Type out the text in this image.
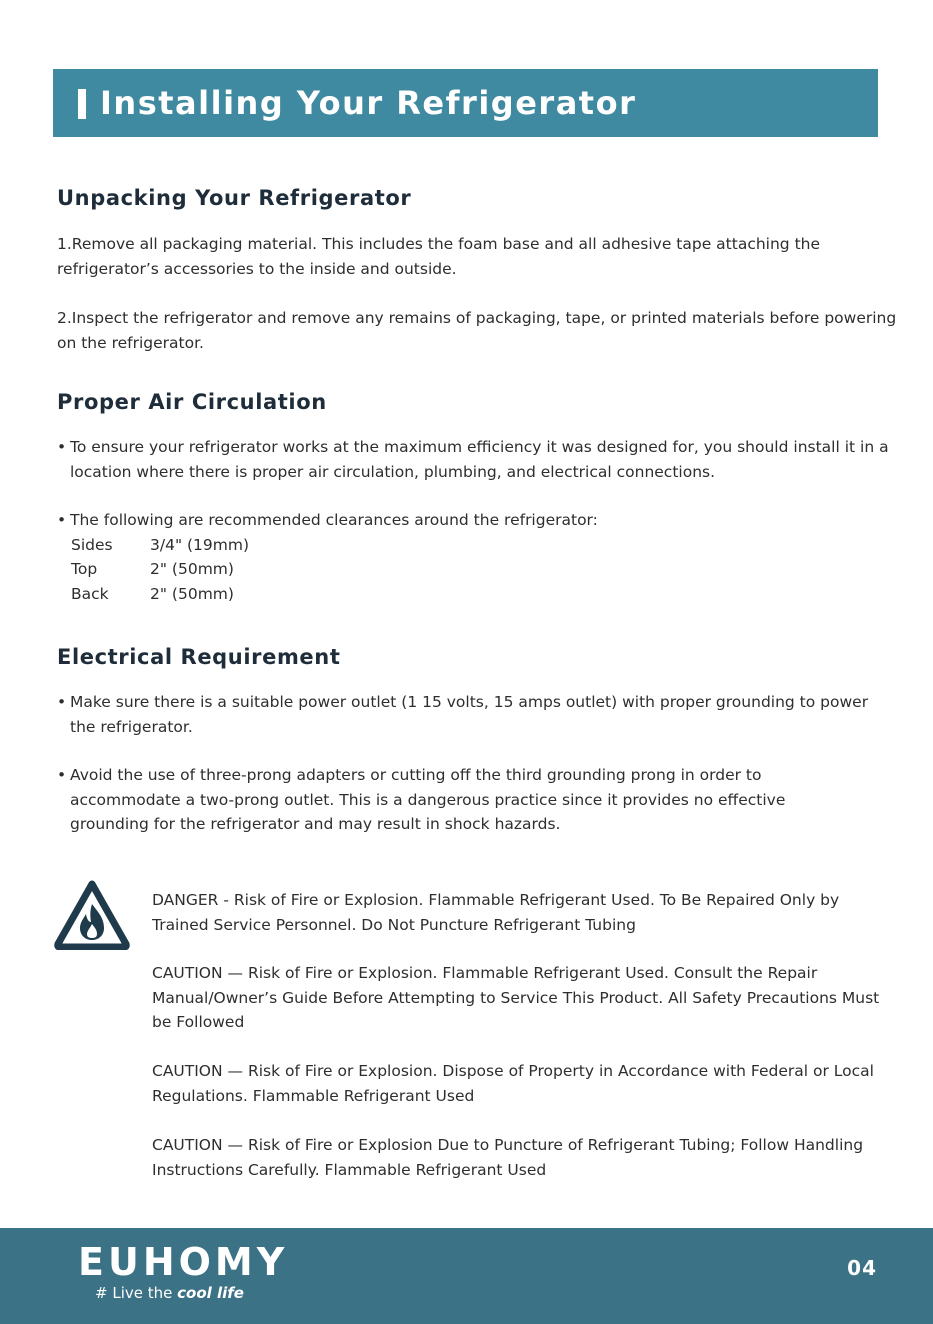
Installing Your Refrigerator
Unpacking Your Refrigerator
1.Remove all packaging material. This includes the foam base and all adhesive tape attaching the refrigerator’s accessories to the inside and outside.
2.Inspect the refrigerator and remove any remains of packaging, tape, or printed materials before powering on the refrigerator.
Proper Air Circulation
• To ensure your refrigerator works at the maximum efficiency it was designed for, you should install it in a location where there is proper air circulation, plumbing, and electrical connections.
• The following are recommended clearances around the refrigerator:
Sides 3/4" (19mm)
Top	2" (50mm)
Back	2" (50mm)
Electrical Requirement
• Make sure there is a suitable power outlet (1 15 volts, 15 amps outlet) with proper grounding to power the refrigerator.
• Avoid the use of three-prong adapters or cutting off the third grounding prong in order to accommodate a two-prong outlet. This is a dangerous practice since it provides no effective grounding for the refrigerator and may result in shock hazards.
DANGER - Risk of Fire or Explosion. Flammable Refrigerant Used. To Be Repaired Only by Trained Service Personnel. Do Not Puncture Refrigerant Tubing
CAUTION — Risk of Fire or Explosion. Flammable Refrigerant Used. Consult the Repair Manual/Owner’s Guide Before Attempting to Service This Product. All Safety Precautions Must be Followed
CAUTION — Risk of Fire or Explosion. Dispose of Property in Accordance with Federal or Local Regulations. Flammable Refrigerant Used
CAUTION — Risk of Fire or Explosion Due to Puncture of Refrigerant Tubing; Follow Handling Instructions Carefully. Flammable Refrigerant Used
EUHOMY
# Live the cool life
04
